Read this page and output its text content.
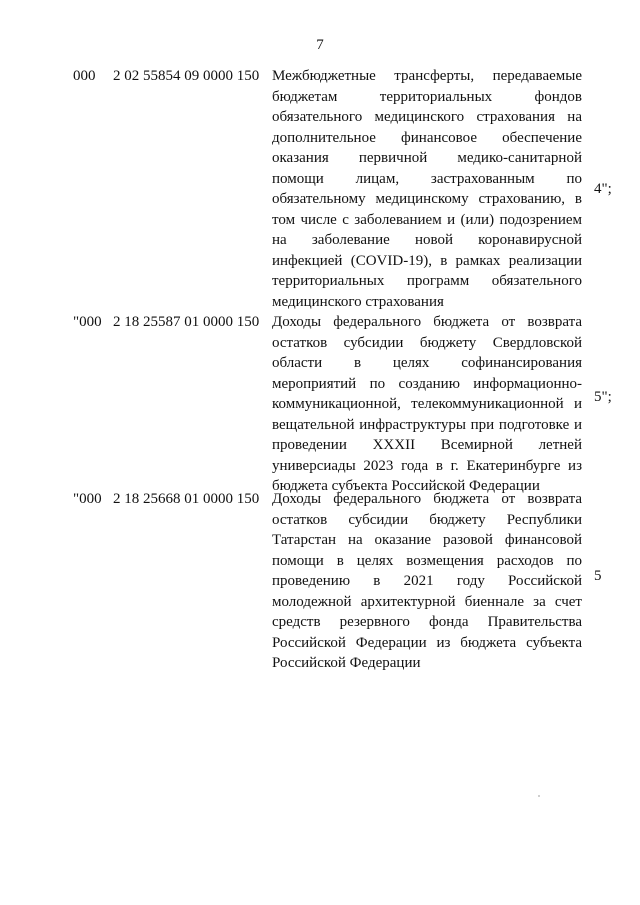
7
000 2 02 55854 09 0000 150 Межбюджетные трансферты, передаваемые
бюджетам территориальных фондов
обязательного медицинского страхования на
дополнительное финансовое обеспечение
оказания первичной медико-санитарной
помощи лицам, застрахованным по
обязательному медицинскому страхованию, в
том числе с заболеванием и (или) подозрением
на заболевание новой коронавирусной
инфекцией (COVID-19), в рамках реализации
территориальных программ обязательного
медицинского страхования
4";
"000 2 18 25587 01 0000 150 Доходы федерального бюджета от возврата
остатков субсидии бюджету Свердловской
области в целях софинансирования
мероприятий по созданию информационно-
коммуникационной, телекоммуникационной и
вещательной инфраструктуры при подготовке и
проведении XXXII Всемирной летней
универсиады 2023 года в г. Екатеринбурге из
бюджета субъекта Российской Федерации
5";
"000 2 18 25668 01 0000 150 Доходы федерального бюджета от возврата
остатков субсидии бюджету Республики
Татарстан на оказание разовой финансовой
помощи в целях возмещения расходов по
проведению в 2021 году Российской
молодежной архитектурной биеннале за счет
средств резервного фонда Правительства
Российской Федерации из бюджета субъекта
Российской Федерации
5
